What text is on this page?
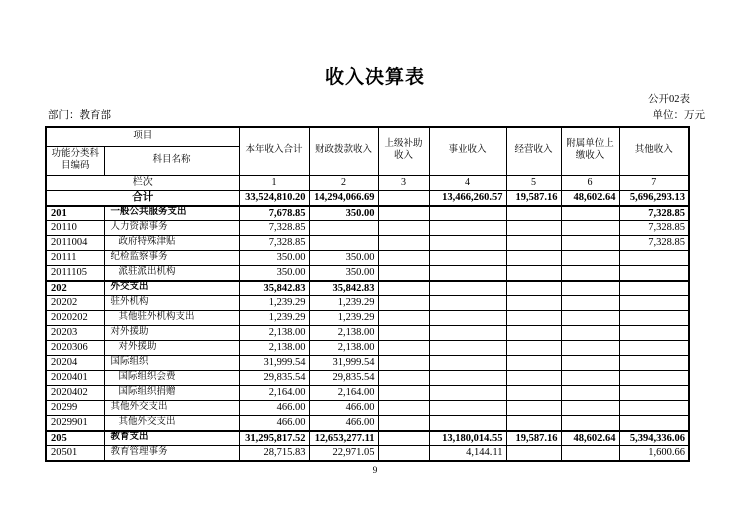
收入决算表
公开02表
部门：教育部	单位：万元
项目		本年收入合计	财政拨款收入	上级补助收入	事业收入	经营收入	附属单位上缴收入	其他收入
功能分类科目编码	科目名称							
栏次		1	2	3	4	5	6	7
合计		33,524,810.20	14,294,066.69		13,466,260.57	19,587.16	48,602.64	5,696,293.13
201	一般公共服务支出	7,678.85	350.00					7,328.85
20110	人力资源事务	7,328.85						7,328.85
2011004	政府特殊津贴	7,328.85						7,328.85
20111	纪检监察事务	350.00	350.00					
2011105	派驻派出机构	350.00	350.00					
202	外交支出	35,842.83	35,842.83					
20202	驻外机构	1,239.29	1,239.29					
2020202	其他驻外机构支出	1,239.29	1,239.29					
20203	对外援助	2,138.00	2,138.00					
2020306	对外援助	2,138.00	2,138.00					
20204	国际组织	31,999.54	31,999.54					
2020401	国际组织会费	29,835.54	29,835.54					
2020402	国际组织捐赠	2,164.00	2,164.00					
20299	其他外交支出	466.00	466.00					
2029901	其他外交支出	466.00	466.00					
205	教育支出	31,295,817.52	12,653,277.11		13,180,014.55	19,587.16	48,602.64	5,394,336.06
20501	教育管理事务	28,715.83	22,971.05		4,144.11			1,600.66
9
